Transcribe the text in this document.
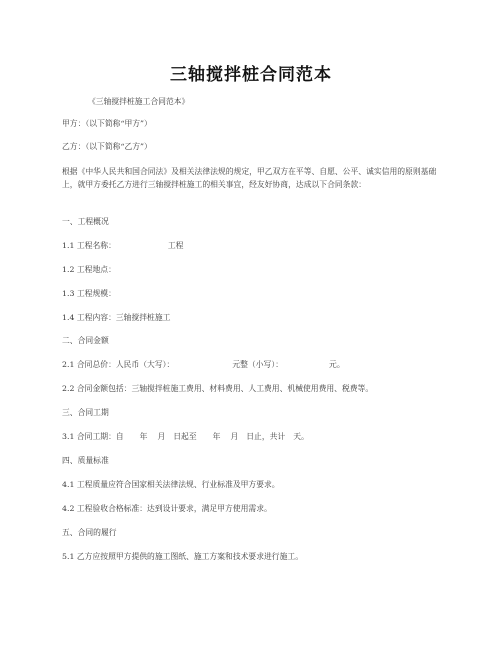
三轴搅拌桩合同范本
《三轴搅拌桩施工合同范本》
甲方：（以下简称“甲方”）
乙方：（以下简称“乙方”）
根据《中华人民共和国合同法》及相关法律法规的规定，甲乙双方在平等、自愿、公平、诚实信用的原则基础上，就甲方委托乙方进行三轴搅拌桩施工的相关事宜，经友好协商，达成以下合同条款：
一、工程概况
1.1 工程名称：	工程
1.2 工程地点：
1.3 工程规模：
1.4 工程内容：三轴搅拌桩施工
二、合同金额
2.1 合同总价：人民币（大写）：	元整（小写）：	元。
2.2 合同金额包括：三轴搅拌桩施工费用、材料费用、人工费用、机械使用费用、税费等。
三、合同工期
3.1 合同工期：自 年 月 日起至 年 月 日止，共计 天。
四、质量标准
4.1 工程质量应符合国家相关法律法规、行业标准及甲方要求。
4.2 工程验收合格标准：达到设计要求，满足甲方使用需求。
五、合同的履行
5.1 乙方应按照甲方提供的施工图纸、施工方案和技术要求进行施工。
